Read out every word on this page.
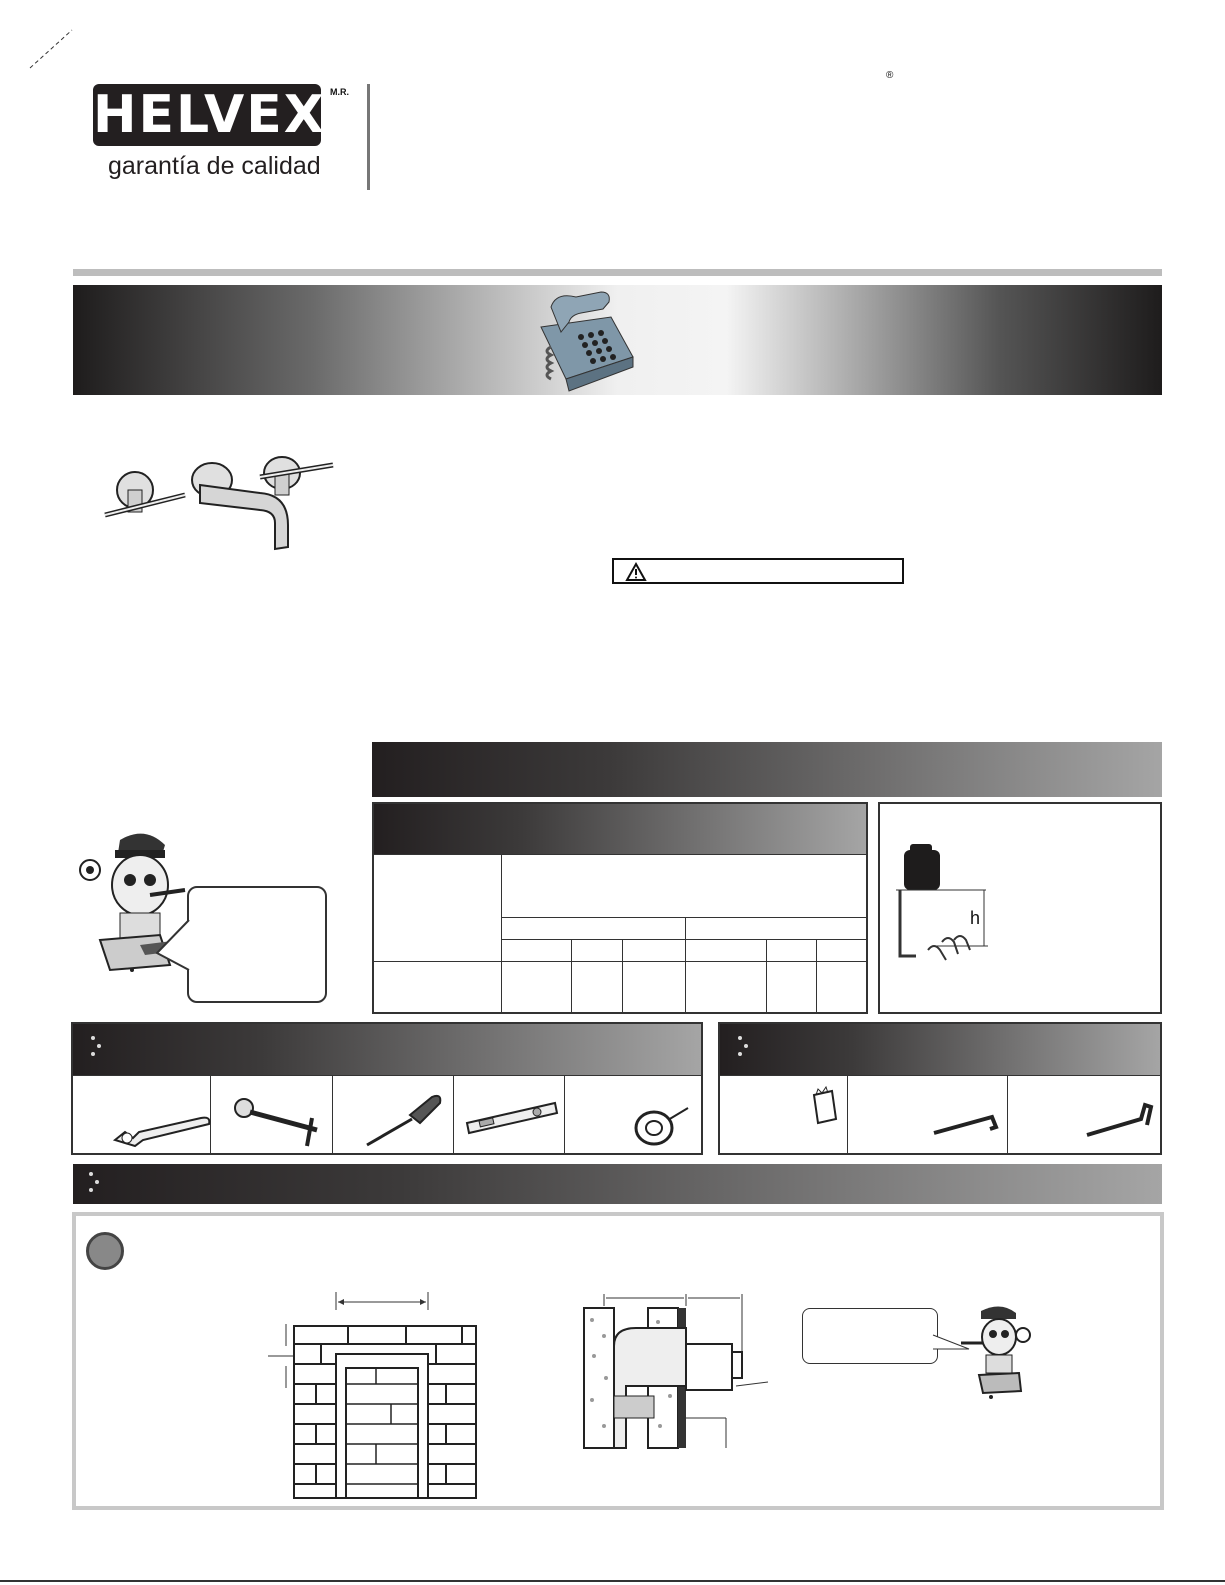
HELVEX M.R.
garantía de calidad
®
h
